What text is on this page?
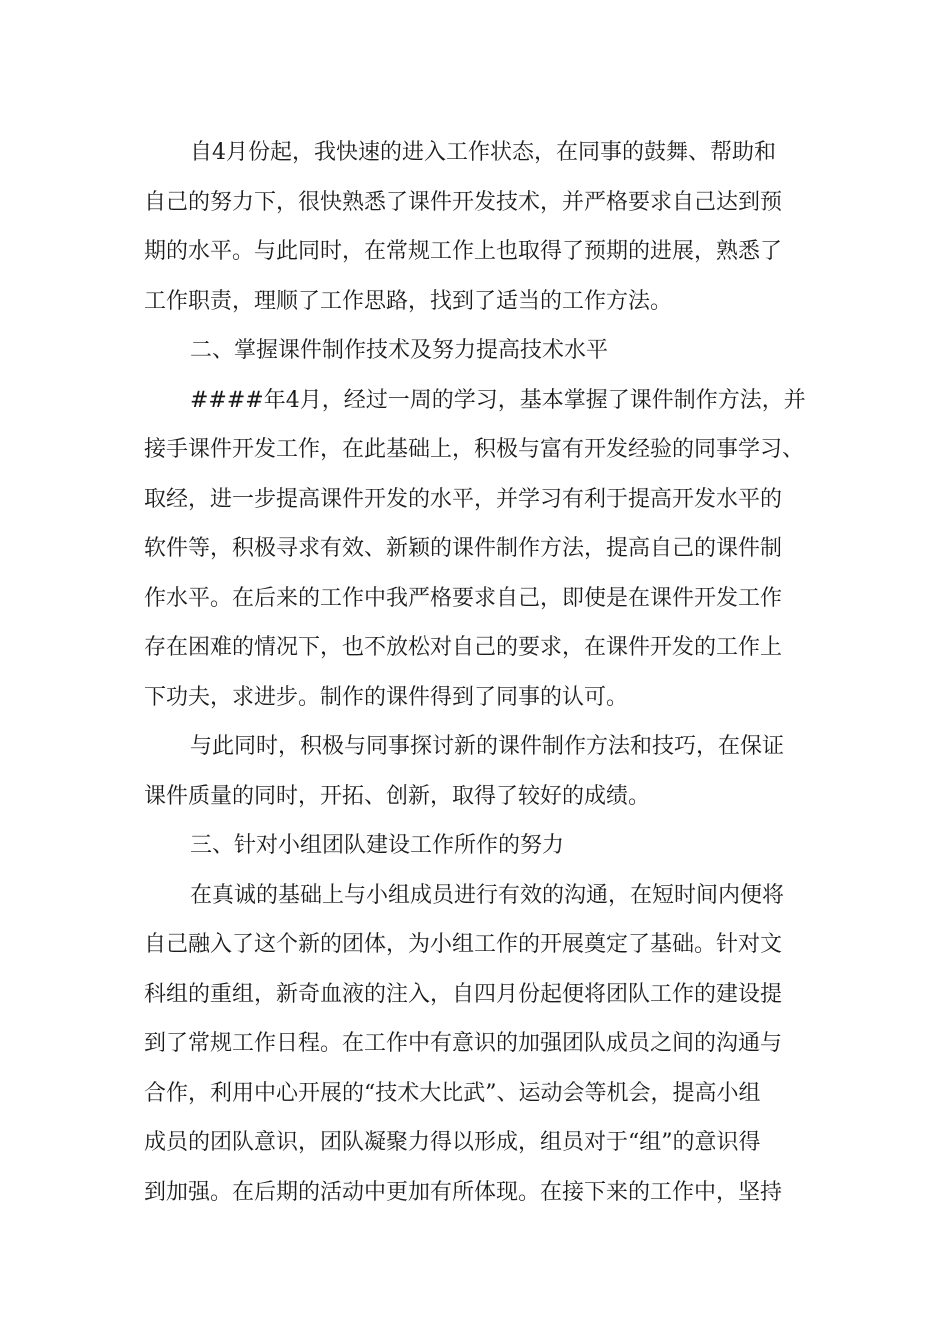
自4月份起，我快速的进入工作状态，在同事的鼓舞、帮助和
自己的努力下，很快熟悉了课件开发技术，并严格要求自己达到预
期的水平。与此同时，在常规工作上也取得了预期的进展，熟悉了
工作职责，理顺了工作思路，找到了适当的工作方法。
二、掌握课件制作技术及努力提高技术水平
####年4月，经过一周的学习，基本掌握了课件制作方法，并
接手课件开发工作，在此基础上，积极与富有开发经验的同事学习、
取经，进一步提高课件开发的水平，并学习有利于提高开发水平的
软件等，积极寻求有效、新颖的课件制作方法，提高自己的课件制
作水平。在后来的工作中我严格要求自己，即使是在课件开发工作
存在困难的情况下，也不放松对自己的要求，在课件开发的工作上
下功夫，求进步。制作的课件得到了同事的认可。
与此同时，积极与同事探讨新的课件制作方法和技巧，在保证
课件质量的同时，开拓、创新，取得了较好的成绩。
三、针对小组团队建设工作所作的努力
在真诚的基础上与小组成员进行有效的沟通，在短时间内便将
自己融入了这个新的团体，为小组工作的开展奠定了基础。针对文
科组的重组，新奇血液的注入，自四月份起便将团队工作的建设提
到了常规工作日程。在工作中有意识的加强团队成员之间的沟通与
合作，利用中心开展的“技术大比武”、运动会等机会，提高小组
成员的团队意识，团队凝聚力得以形成，组员对于“组”的意识得
到加强。在后期的活动中更加有所体现。在接下来的工作中，坚持
